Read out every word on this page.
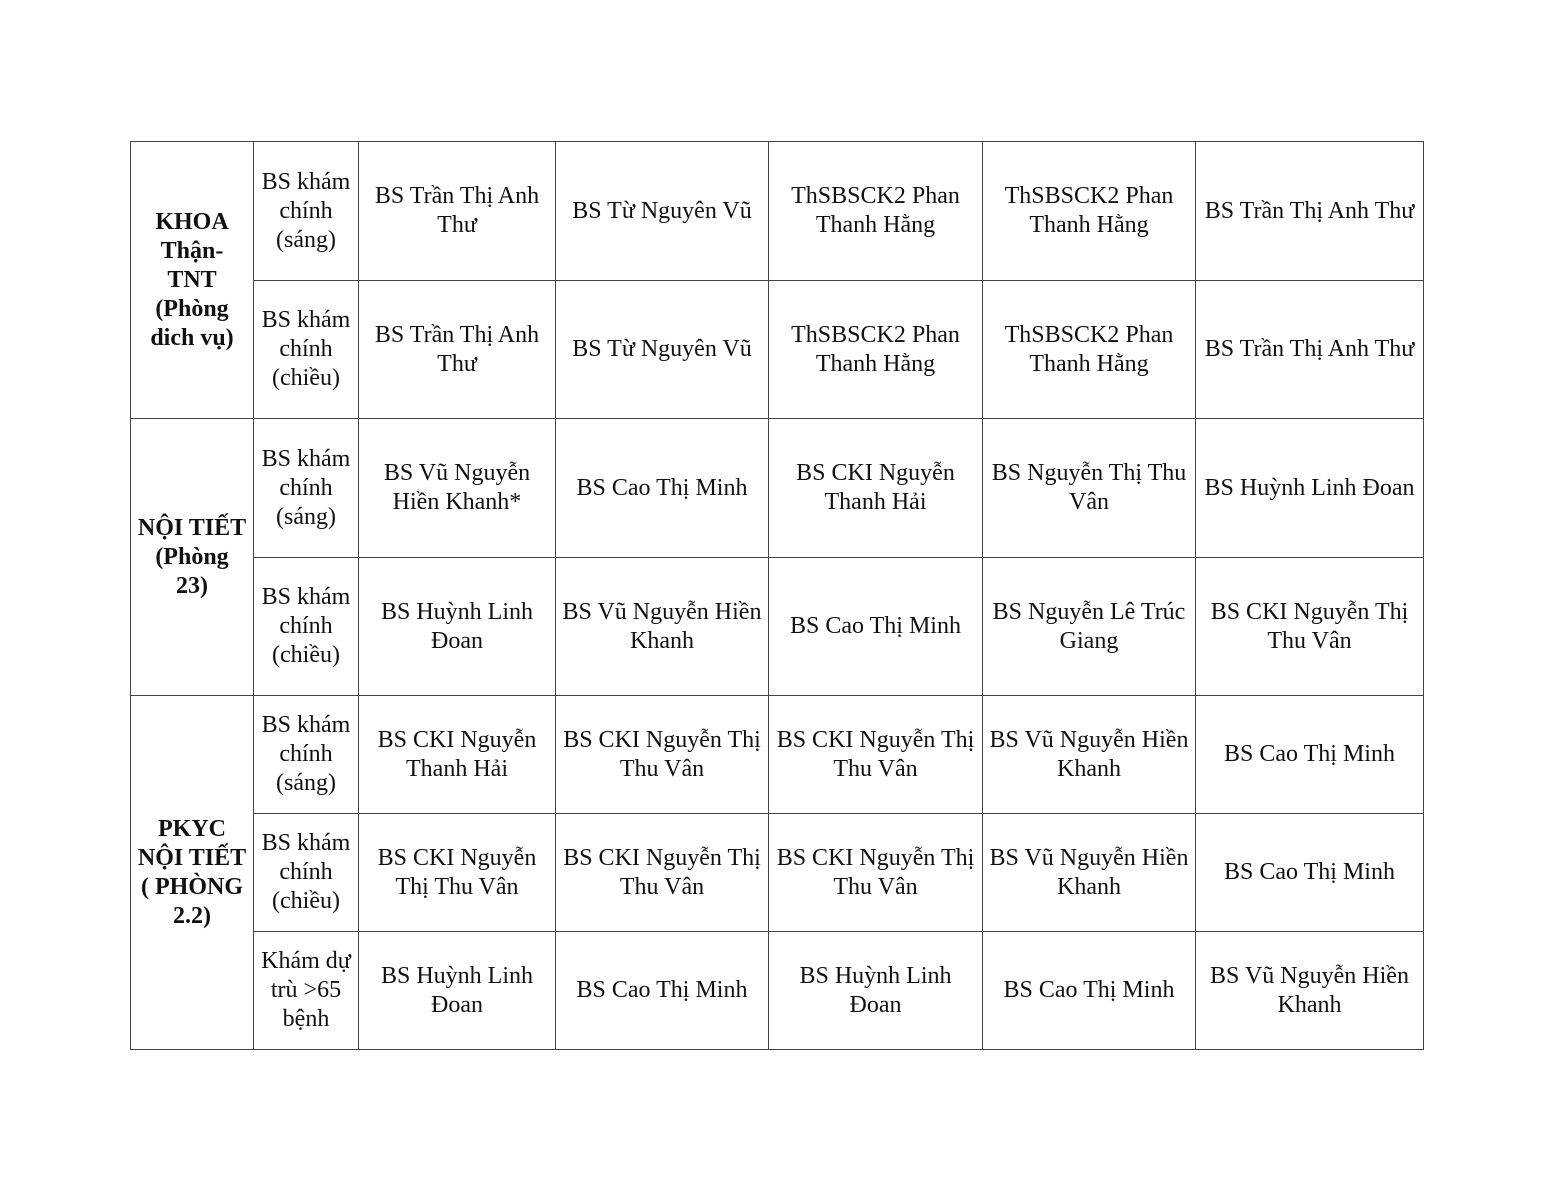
KHOA Thận-TNT (Phòng dich vụ)	BS khám chính (sáng)	BS Trần Thị Anh Thư	BS Từ Nguyên Vũ	ThSBSCK2 Phan Thanh Hằng	ThSBSCK2 Phan Thanh Hằng	BS Trần Thị Anh Thư
	BS khám chính (chiều)	BS Trần Thị Anh Thư	BS Từ Nguyên Vũ	ThSBSCK2 Phan Thanh Hằng	ThSBSCK2 Phan Thanh Hằng	BS Trần Thị Anh Thư
NỘI TIẾT (Phòng 23)	BS khám chính (sáng)	BS Vũ Nguyễn Hiền Khanh*	BS Cao Thị Minh	BS CKI Nguyễn Thanh Hải	BS Nguyễn Thị Thu Vân	BS Huỳnh Linh Đoan
	BS khám chính (chiều)	BS Huỳnh Linh Đoan	BS Vũ Nguyễn Hiền Khanh	BS Cao Thị Minh	BS Nguyễn Lê Trúc Giang	BS CKI Nguyễn Thị Thu Vân
PKYC NỘI TIẾT ( PHÒNG 2.2)	BS khám chính (sáng)	BS CKI Nguyễn Thanh Hải	BS CKI Nguyễn Thị Thu Vân	BS CKI Nguyễn Thị Thu Vân	BS Vũ Nguyễn Hiền Khanh	BS Cao Thị Minh
	BS khám chính (chiều)	BS CKI Nguyễn Thị Thu Vân	BS CKI Nguyễn Thị Thu Vân	BS CKI Nguyễn Thị Thu Vân	BS Vũ Nguyễn Hiền Khanh	BS Cao Thị Minh
	Khám dự trù >65 bệnh	BS Huỳnh Linh Đoan	BS Cao Thị Minh	BS Huỳnh Linh Đoan	BS Cao Thị Minh	BS Vũ Nguyễn Hiền Khanh
